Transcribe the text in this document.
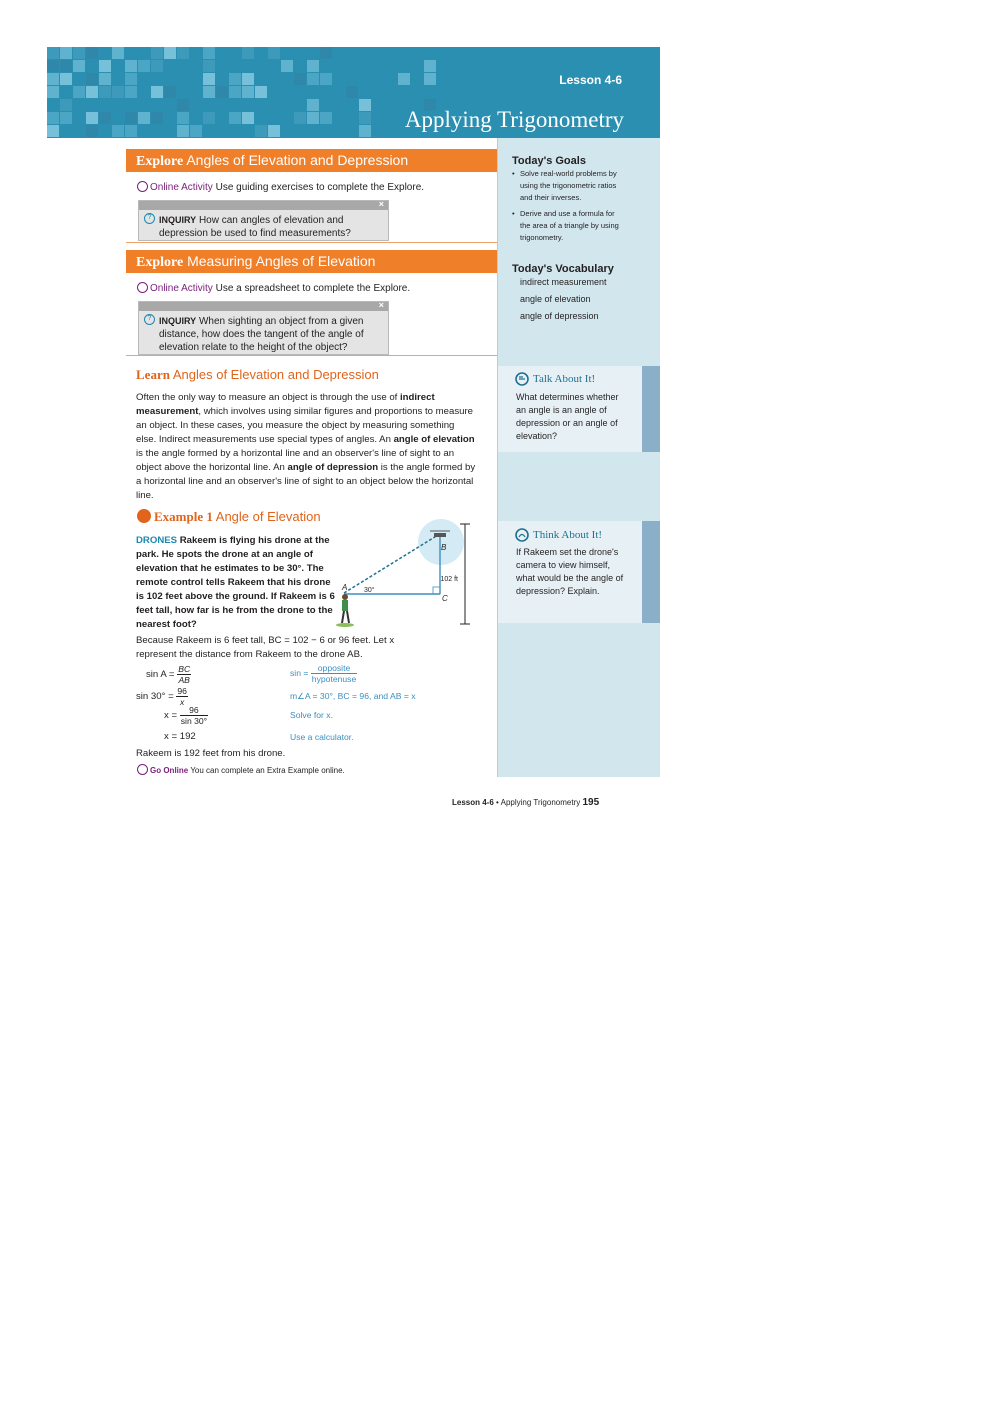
Lesson 4-6
Applying Trigonometry
Today's Goals
• Solve real-world problems by using the trigonometric ratios and their inverses.
• Derive and use a formula for the area of a triangle by using trigonometry.
Today's Vocabulary
indirect measurement
angle of elevation
angle of depression
Talk About It!
What determines whether an angle is an angle of depression or an angle of elevation?
Think About It!
If Rakeem set the drone's camera to view himself, what would be the angle of depression? Explain.
Explore Angles of Elevation and Depression
Online Activity Use guiding exercises to complete the Explore.
×
? INQUIRY How can angles of elevation and
depression be used to find measurements?
Explore Measuring Angles of Elevation
Online Activity Use a spreadsheet to complete the Explore.
×
? INQUIRY When sighting an object from a given
distance, how does the tangent of the angle of
elevation relate to the height of the object?
Learn Angles of Elevation and Depression
Often the only way to measure an object is through the use of indirect measurement, which involves using similar figures and proportions to measure an object. In these cases, you measure the object by measuring something else. Indirect measurements use special types of angles. An angle of elevation is the angle formed by a horizontal line and an observer's line of sight to an object above the horizontal line. An angle of depression is the angle formed by a horizontal line and an observer's line of sight to an object below the horizontal line.
Example 1 Angle of Elevation
DRONES Rakeem is flying his drone at the park. He spots the drone at an angle of elevation that he estimates to be 30°. The remote control tells Rakeem that his drone is 102 feet above the ground. If Rakeem is 6 feet tall, how far is he from the drone to the nearest foot?
B
A
C
30°
102 ft
Because Rakeem is 6 feet tall, BC = 102 − 6 or 96 feet. Let x
represent the distance from Rakeem to the drone AB.
$\sin A = \frac{BC}{AB}$	$\sin = \frac{\text{opposite}}{\text{hypotenuse}}$
$\sin 30^\circ = \frac{96}{x}$	m∠A = 30°, BC = 96, and AB = x
$x = \frac{96}{\sin 30^\circ}$	Solve for x.
x = 192	Use a calculator.
Rakeem is 192 feet from his drone.
Go Online You can complete an Extra Example online.
Lesson 4-6 • Applying Trigonometry 195
